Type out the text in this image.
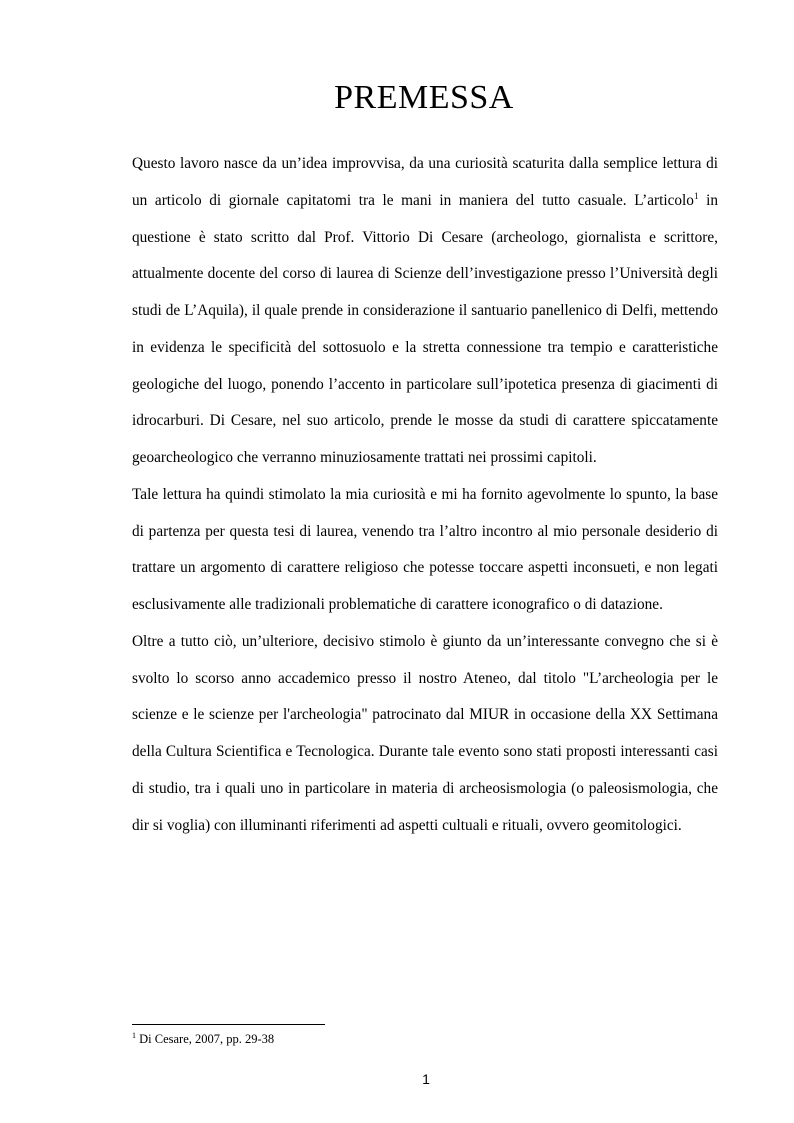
PREMESSA

Questo lavoro nasce da un’idea improvvisa, da una curiosità scaturita dalla semplice lettura di un articolo di giornale capitatomi tra le mani in maniera del tutto casuale. L’articolo$^1$ in questione è stato scritto dal Prof. Vittorio Di Cesare (archeologo, giornalista e scrittore, attualmente docente del corso di laurea di Scienze dell’investigazione presso l’Università degli studi de L’Aquila), il quale prende in considerazione il santuario panellenico di Delfi, mettendo in evidenza le specificità del sottosuolo e la stretta connessione tra tempio e caratteristiche geologiche del luogo, ponendo l’accento in particolare sull’ipotetica presenza di giacimenti di idrocarburi. Di Cesare, nel suo articolo, prende le mosse da studi di carattere spiccatamente geoarcheologico che verranno minuziosamente trattati nei prossimi capitoli.

Tale lettura ha quindi stimolato la mia curiosità e mi ha fornito agevolmente lo spunto, la base di partenza per questa tesi di laurea, venendo tra l’altro incontro al mio personale desiderio di trattare un argomento di carattere religioso che potesse toccare aspetti inconsueti, e non legati esclusivamente alle tradizionali problematiche di carattere iconografico o di datazione.

Oltre a tutto ciò, un’ulteriore, decisivo stimolo è giunto da un’interessante convegno che si è svolto lo scorso anno accademico presso il nostro Ateneo, dal titolo "L’archeologia per le scienze e le scienze per l'archeologia" patrocinato dal MIUR in occasione della XX Settimana della Cultura Scientifica e Tecnologica. Durante tale evento sono stati proposti interessanti casi di studio, tra i quali uno in particolare in materia di archeosismologia (o paleosismologia, che dir si voglia) con illuminanti riferimenti ad aspetti cultuali e rituali, ovvero geomitologici.

$^1$ Di Cesare, 2007, pp. 29-38
1
